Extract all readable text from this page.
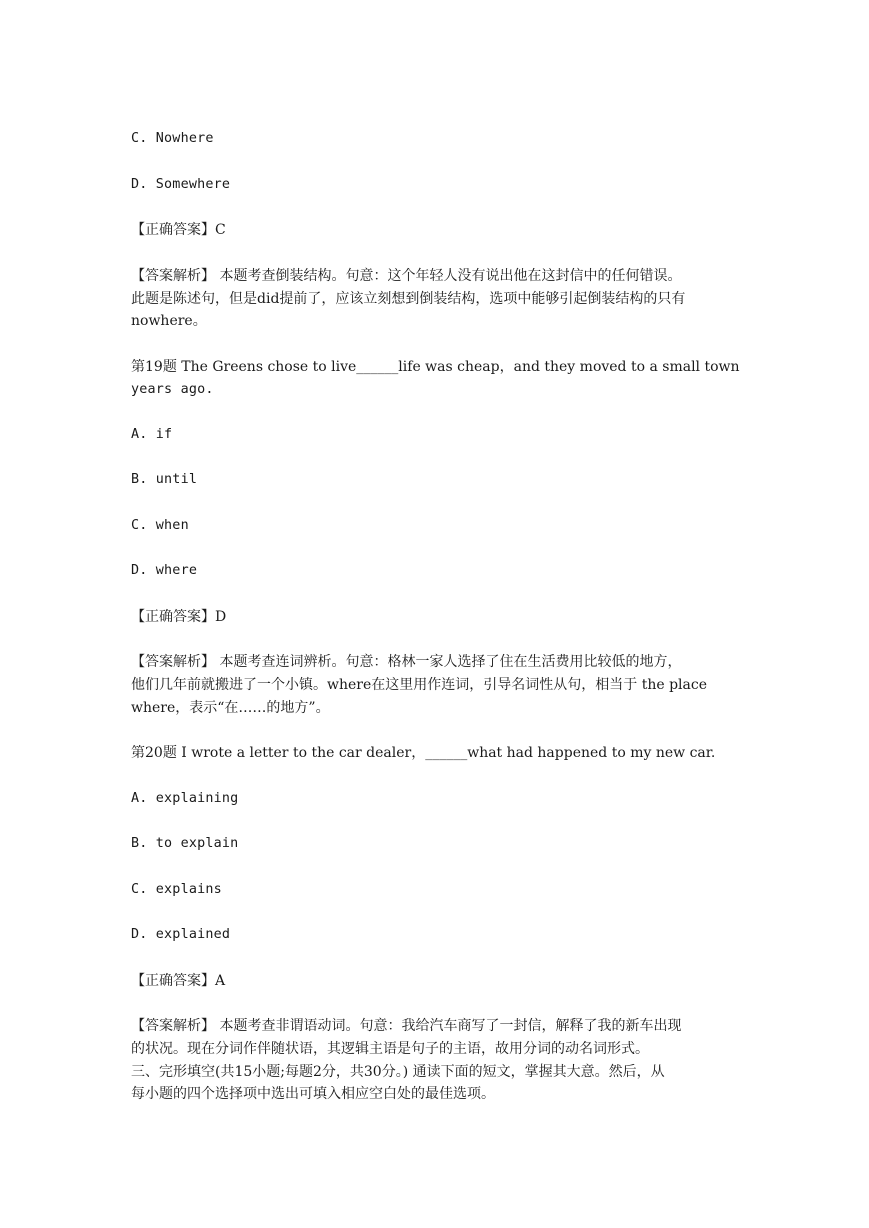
C. Nowhere
D. Somewhere
【正确答案】C
【答案解析】 本题考查倒装结构。句意：这个年轻人没有说出他在这封信中的任何错误。
此题是陈述句，但是did提前了，应该立刻想到倒装结构，选项中能够引起倒装结构的只有
nowhere。
第19题 The Greens chose to live______life was cheap，and they moved to a small town
years ago.
A. if
B. until
C. when
D. where
【正确答案】D
【答案解析】 本题考查连词辨析。句意：格林一家人选择了住在生活费用比较低的地方，
他们几年前就搬进了一个小镇。where在这里用作连词，引导名词性从句，相当于 the place
where，表示“在……的地方”。
第20题 I wrote a letter to the car dealer，______what had happened to my new car.
A. explaining
B. to explain
C. explains
D. explained
【正确答案】A
【答案解析】 本题考查非谓语动词。句意：我给汽车商写了一封信，解释了我的新车出现
的状况。现在分词作伴随状语，其逻辑主语是句子的主语，故用分词的动名词形式。
三、完形填空(共15小题;每题2分，共30分。) 通读下面的短文，掌握其大意。然后，从
每小题的四个选择项中选出可填入相应空白处的最佳选项。
